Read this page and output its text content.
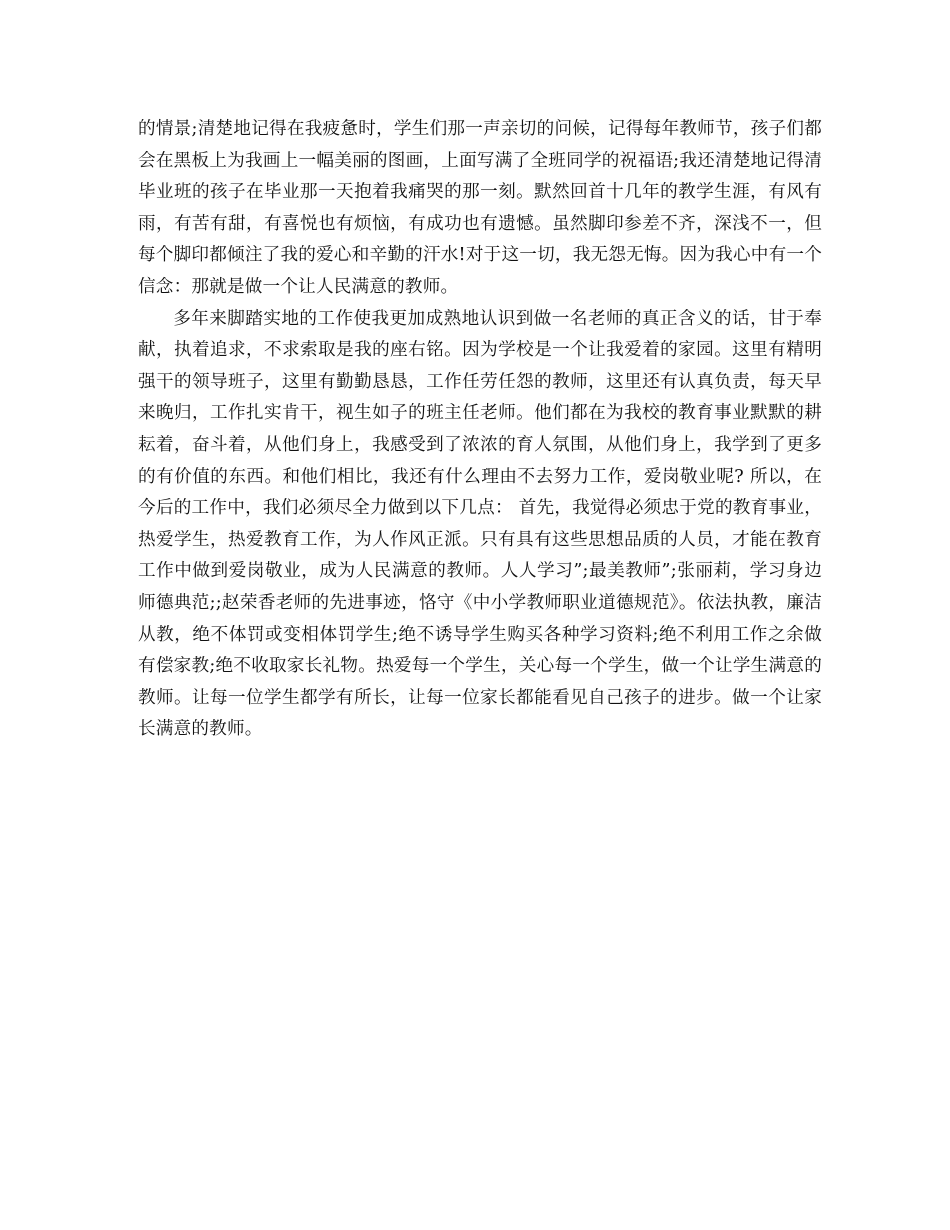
的情景;清楚地记得在我疲惫时，学生们那一声亲切的问候，记得每年教师节，孩子们都会在黑板上为我画上一幅美丽的图画，上面写满了全班同学的祝福语;我还清楚地记得清毕业班的孩子在毕业那一天抱着我痛哭的那一刻。默然回首十几年的教学生涯，有风有雨，有苦有甜，有喜悦也有烦恼，有成功也有遗憾。虽然脚印参差不齐，深浅不一，但每个脚印都倾注了我的爱心和辛勤的汗水!对于这一切，我无怨无悔。因为我心中有一个信念：那就是做一个让人民满意的教师。

多年来脚踏实地的工作使我更加成熟地认识到做一名老师的真正含义的话，甘于奉献，执着追求，不求索取是我的座右铭。因为学校是一个让我爱着的家园。这里有精明强干的领导班子，这里有勤勤恳恳，工作任劳任怨的教师，这里还有认真负责，每天早来晚归，工作扎实肯干，视生如子的班主任老师。他们都在为我校的教育事业默默的耕耘着，奋斗着，从他们身上，我感受到了浓浓的育人氛围，从他们身上，我学到了更多的有价值的东西。和他们相比，我还有什么理由不去努力工作，爱岗敬业呢? 所以，在今后的工作中，我们必须尽全力做到以下几点： 首先，我觉得必须忠于党的教育事业，热爱学生，热爱教育工作，为人作风正派。只有具有这些思想品质的人员，才能在教育工作中做到爱岗敬业，成为人民满意的教师。人人学习”;最美教师”;张丽莉，学习身边师德典范;;赵荣香老师的先进事迹，恪守《中小学教师职业道德规范》。依法执教，廉洁从教，绝不体罚或变相体罚学生;绝不诱导学生购买各种学习资料;绝不利用工作之余做有偿家教;绝不收取家长礼物。热爱每一个学生，关心每一个学生，做一个让学生满意的教师。让每一位学生都学有所长，让每一位家长都能看见自己孩子的进步。做一个让家长满意的教师。
